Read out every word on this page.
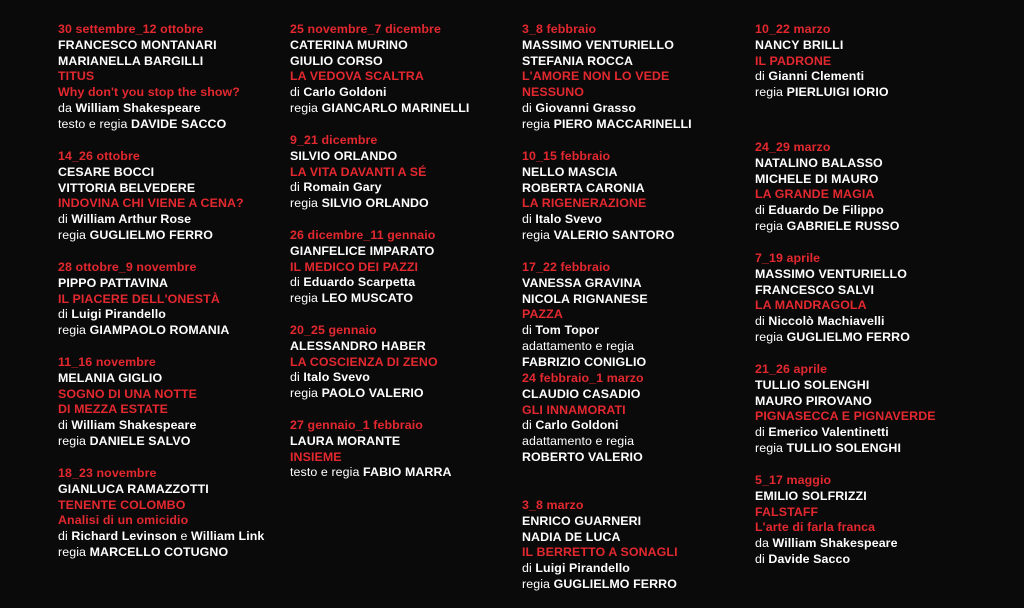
30 settembre_12 ottobre
FRANCESCO MONTANARI
MARIANELLA BARGILLI
TITUS
Why don't you stop the show?
da William Shakespeare
testo e regia DAVIDE SACCO
14_26 ottobre
CESARE BOCCI
VITTORIA BELVEDERE
INDOVINA CHI VIENE A CENA?
di William Arthur Rose
regia GUGLIELMO FERRO
28 ottobre_9 novembre
PIPPO PATTAVINA
IL PIACERE DELL'ONESTÀ
di Luigi Pirandello
regia GIAMPAOLO ROMANIA
11_16 novembre
MELANIA GIGLIO
SOGNO DI UNA NOTTE
DI MEZZA ESTATE
di William Shakespeare
regia DANIELE SALVO
18_23 novembre
GIANLUCA RAMAZZOTTI
TENENTE COLOMBO
Analisi di un omicidio
di Richard Levinson e William Link
regia MARCELLO COTUGNO
25 novembre_7 dicembre
CATERINA MURINO
GIULIO CORSO
LA VEDOVA SCALTRA
di Carlo Goldoni
regia GIANCARLO MARINELLI
9_21 dicembre
SILVIO ORLANDO
LA VITA DAVANTI A SÉ
di Romain Gary
regia SILVIO ORLANDO
26 dicembre_11 gennaio
GIANFELICE IMPARATO
IL MEDICO DEI PAZZI
di Eduardo Scarpetta
regia LEO MUSCATO
20_25 gennaio
ALESSANDRO HABER
LA COSCIENZA DI ZENO
di Italo Svevo
regia PAOLO VALERIO
27 gennaio_1 febbraio
LAURA MORANTE
INSIEME
testo e regia FABIO MARRA
3_8 febbraio
MASSIMO VENTURIELLO
STEFANIA ROCCA
L'AMORE NON LO VEDE
NESSUNO
di Giovanni Grasso
regia PIERO MACCARINELLI
10_15 febbraio
NELLO MASCIA
ROBERTA CARONIA
LA RIGENERAZIONE
di Italo Svevo
regia VALERIO SANTORO
17_22 febbraio
VANESSA GRAVINA
NICOLA RIGNANESE
PAZZA
di Tom Topor
adattamento e regia
FABRIZIO CONIGLIO
24 febbraio_1 marzo
CLAUDIO CASADIO
GLI INNAMORATI
di Carlo Goldoni
adattamento e regia
ROBERTO VALERIO
3_8 marzo
ENRICO GUARNERI
NADIA DE LUCA
IL BERRETTO A SONAGLI
di Luigi Pirandello
regia GUGLIELMO FERRO
10_22 marzo
NANCY BRILLI
IL PADRONE
di Gianni Clementi
regia PIERLUIGI IORIO
24_29 marzo
NATALINO BALASSO
MICHELE DI MAURO
LA GRANDE MAGIA
di Eduardo De Filippo
regia GABRIELE RUSSO
7_19 aprile
MASSIMO VENTURIELLO
FRANCESCO SALVI
LA MANDRAGOLA
di Niccolò Machiavelli
regia GUGLIELMO FERRO
21_26 aprile
TULLIO SOLENGHI
MAURO PIROVANO
PIGNASECCA E PIGNAVERDE
di Emerico Valentinetti
regia TULLIO SOLENGHI
5_17 maggio
EMILIO SOLFRIZZI
FALSTAFF
L'arte di farla franca
da William Shakespeare
di Davide Sacco
